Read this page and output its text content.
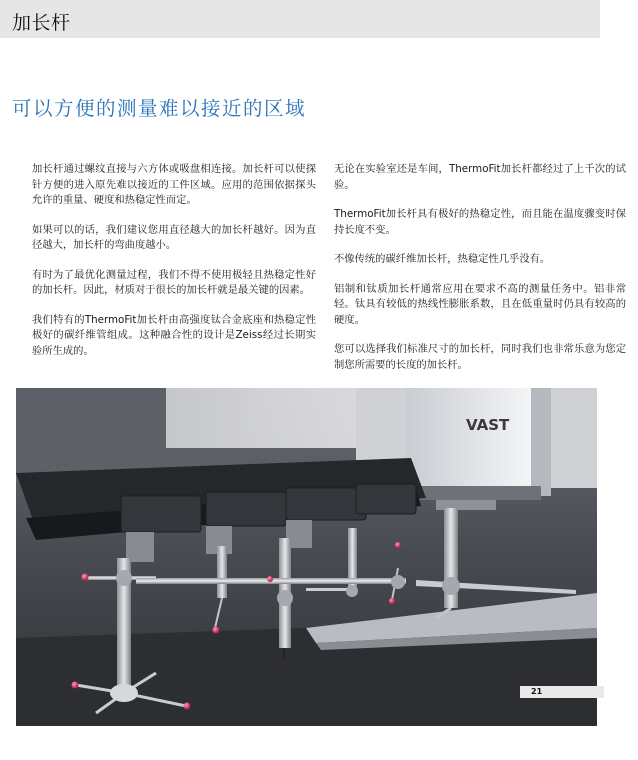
加长杆
可以方便的测量难以接近的区域

加长杆通过螺纹直接与六方体或吸盘相连接。加长杆可以使探针方便的进入原先难以接近的工件区域。应用的范围依据探头允许的重量、硬度和热稳定性而定。

如果可以的话，我们建议您用直径越大的加长杆越好。因为直径越大，加长杆的弯曲度越小。

有时为了最优化测量过程，我们不得不使用极轻且热稳定性好的加长杆。因此，材质对于很长的加长杆就是最关键的因素。

我们特有的ThermoFit加长杆由高强度钛合金底座和热稳定性极好的碳纤维管组成。这种融合性的设计是Zeiss经过长期实验所生成的。

无论在实验室还是车间，ThermoFit加长杆都经过了上千次的试验。

ThermoFit加长杆具有极好的热稳定性，而且能在温度骤变时保持长度不变。

不像传统的碳纤维加长杆，热稳定性几乎没有。

铝制和钛质加长杆通常应用在要求不高的测量任务中。铝非常轻。钛具有较低的热线性膨胀系数，且在低重量时仍具有较高的硬度。

您可以选择我们标准尺寸的加长杆，同时我们也非常乐意为您定制您所需要的长度的加长杆。

VAST
21
